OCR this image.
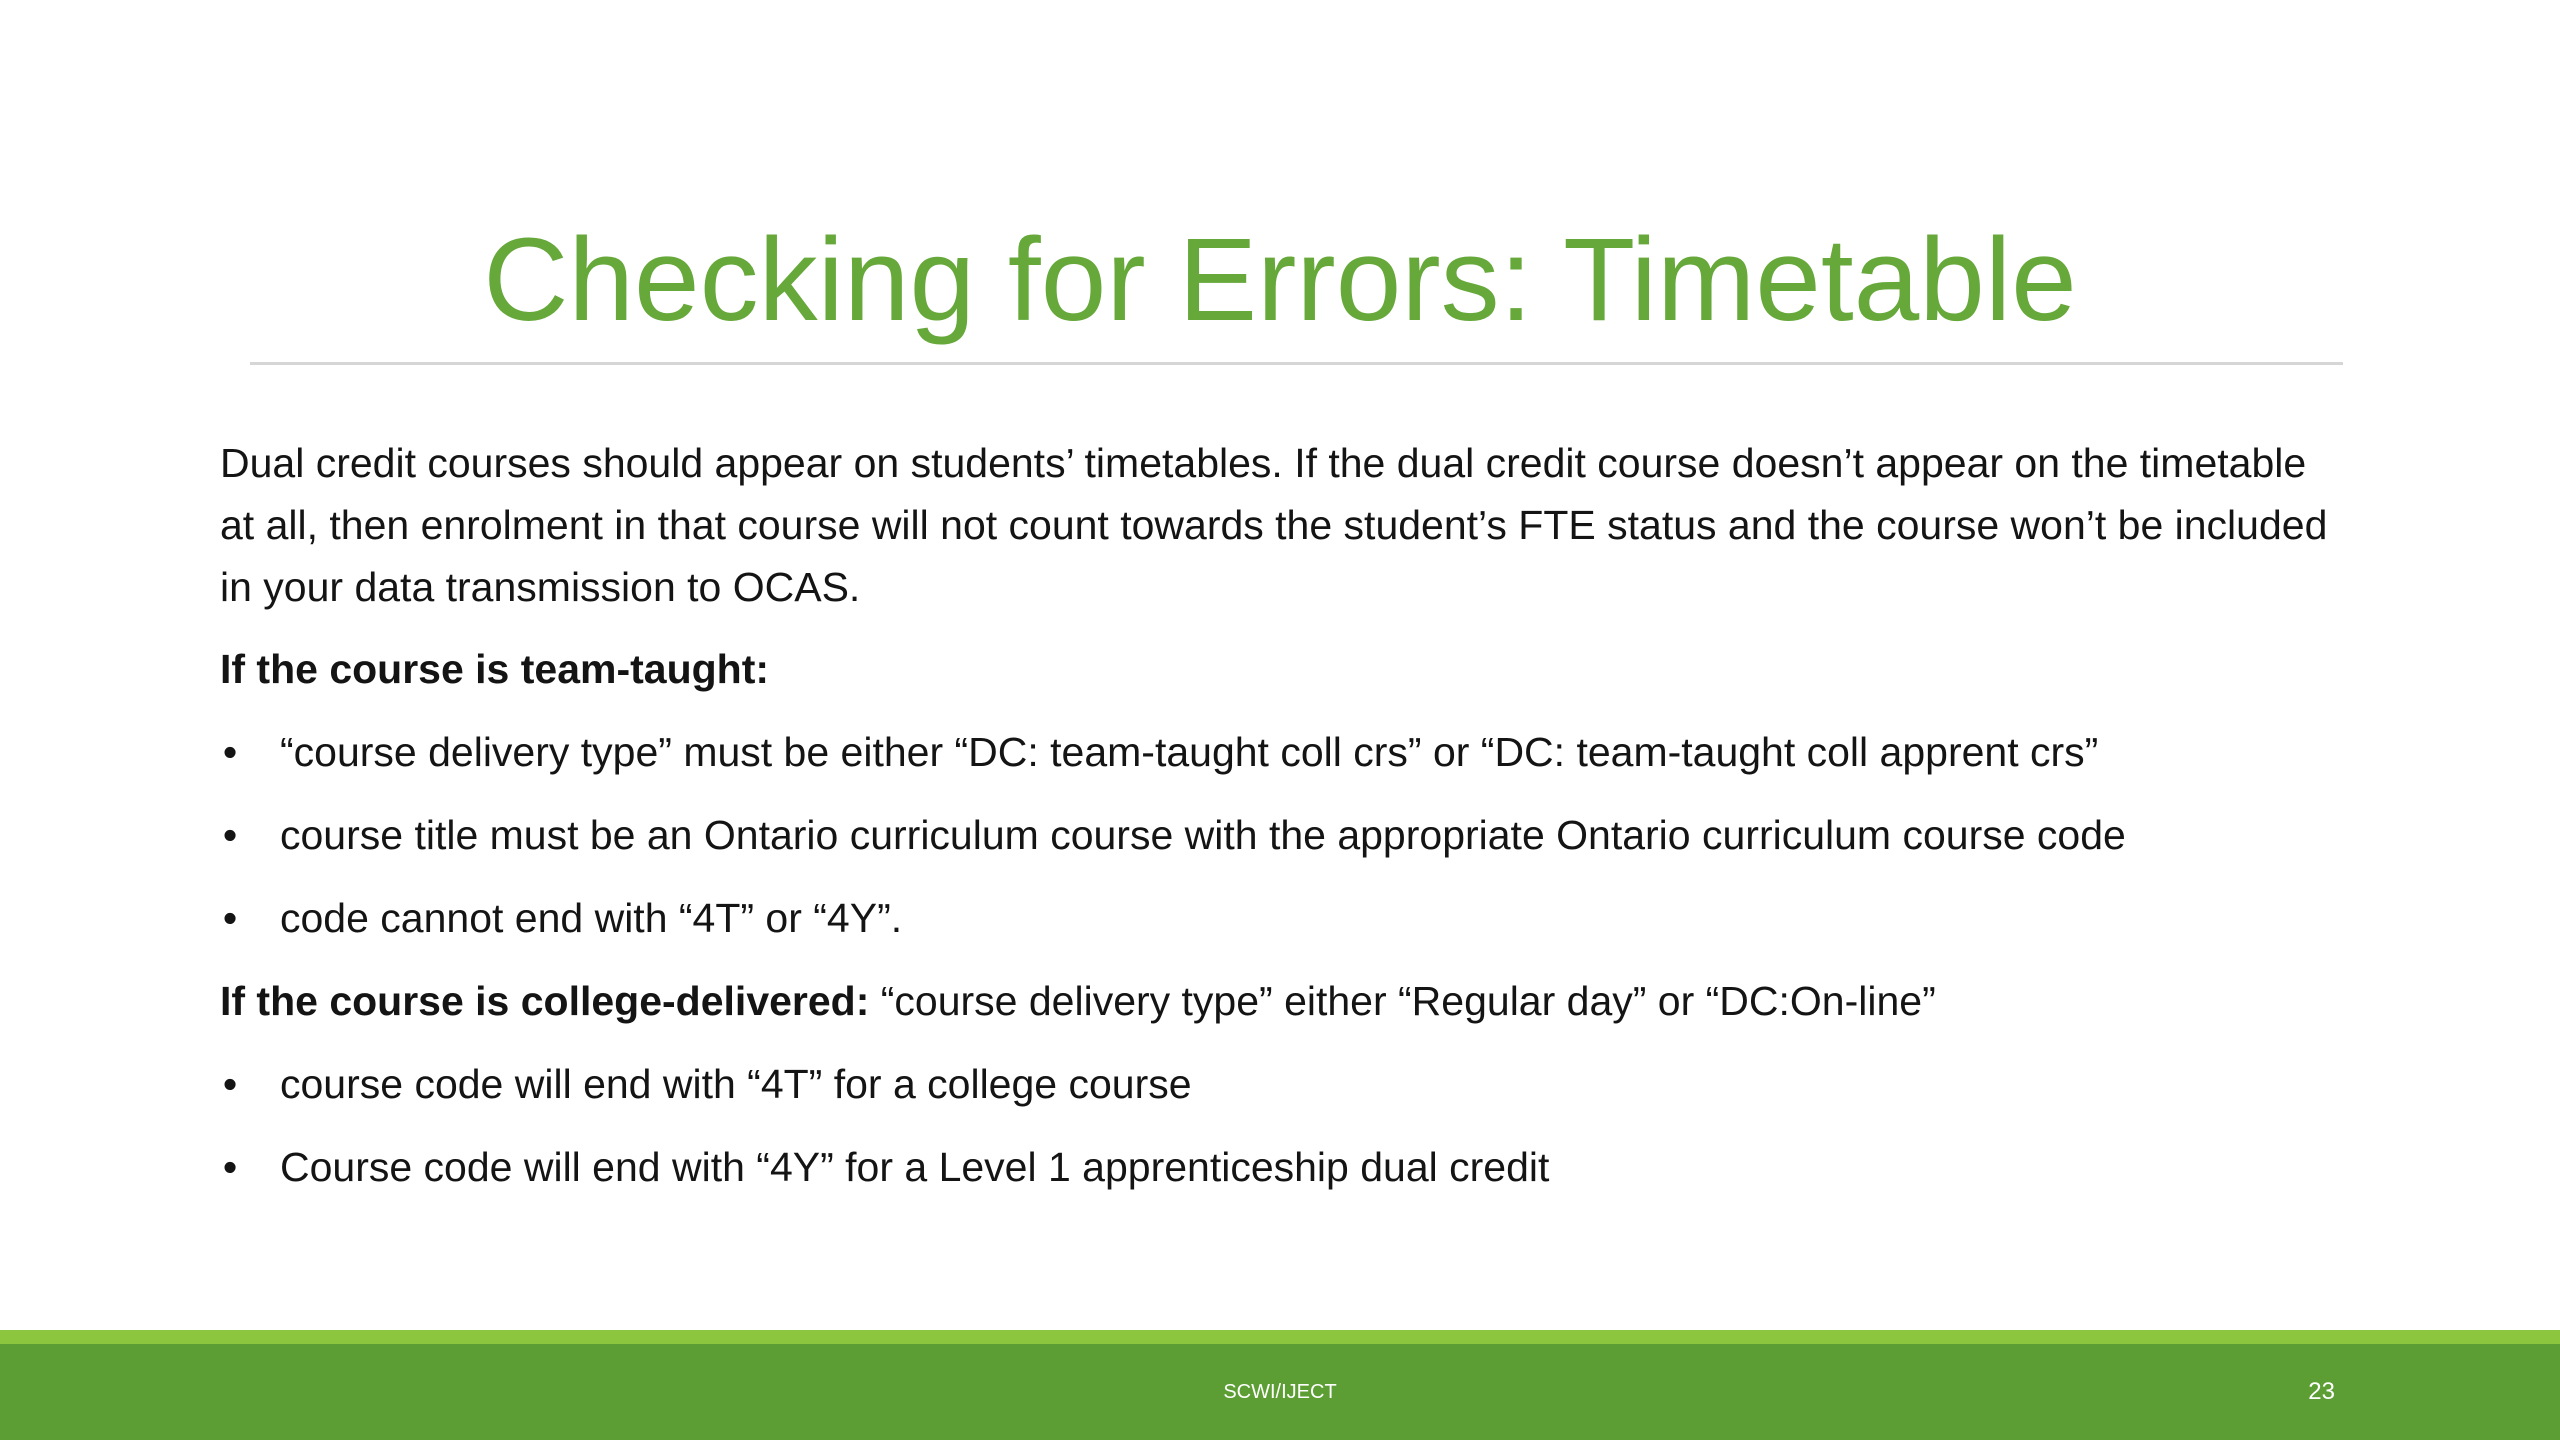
Checking for Errors: Timetable

Dual credit courses should appear on students’ timetables. If the dual credit course doesn’t appear on the timetable at all, then enrolment in that course will not count towards the student’s FTE status and the course won’t be included in your data transmission to OCAS.

If the course is team-taught:

• “course delivery type” must be either “DC: team-taught coll crs” or “DC: team-taught coll apprent crs”
• course title must be an Ontario curriculum course with the appropriate Ontario curriculum course code
• code cannot end with “4T” or “4Y”.

If the course is college-delivered: “course delivery type” either “Regular day” or “DC:On-line”

• course code will end with “4T” for a college course
• Course code will end with “4Y” for a Level 1 apprenticeship dual credit
SCWI/IJECT	23
